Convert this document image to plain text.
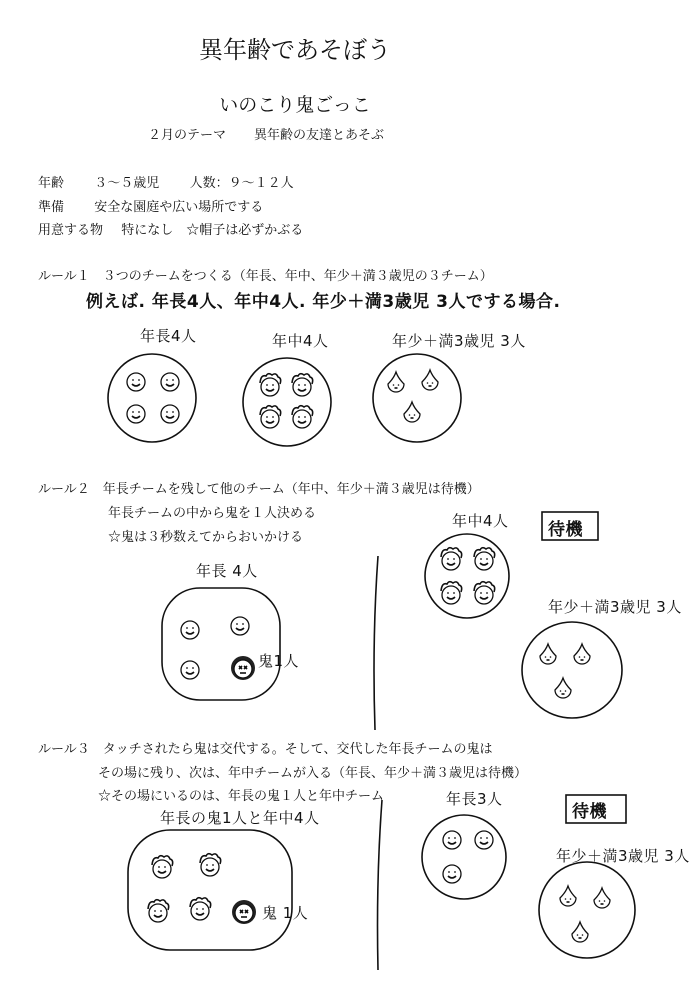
異年齢であそぼう
いのこり鬼ごっこ
２月のテーマ 異年齢の友達とあそぶ
年齢 ３～５歳児 人数：９～１２人
準備 安全な園庭や広い場所でする
用意する物 特になし　☆帽子は必ずかぶる
ルール１　３つのチームをつくる（年長、年中、年少＋満３歳児の３チーム）
例えば. 年長4人、年中4人. 年少＋満3歳児 3人でする場合.
年長4人	年中4人	年少＋満3歳児 3人
ルール２　年長チームを残して他のチーム（年中、年少＋満３歳児は待機）
年長チームの中から鬼を１人決める
☆鬼は３秒数えてからおいかける
年長 4人
鬼1人
年中4人 待機
年少＋満3歳児 3人
ルール３　タッチされたら鬼は交代する。そして、交代した年長チームの鬼は
その場に残り、次は、年中チームが入る（年長、年少＋満３歳児は待機）
☆その場にいるのは、年長の鬼１人と年中チーム
年長の鬼1人と年中4人
鬼 1人
年長3人
待機
年少＋満3歳児 3人
